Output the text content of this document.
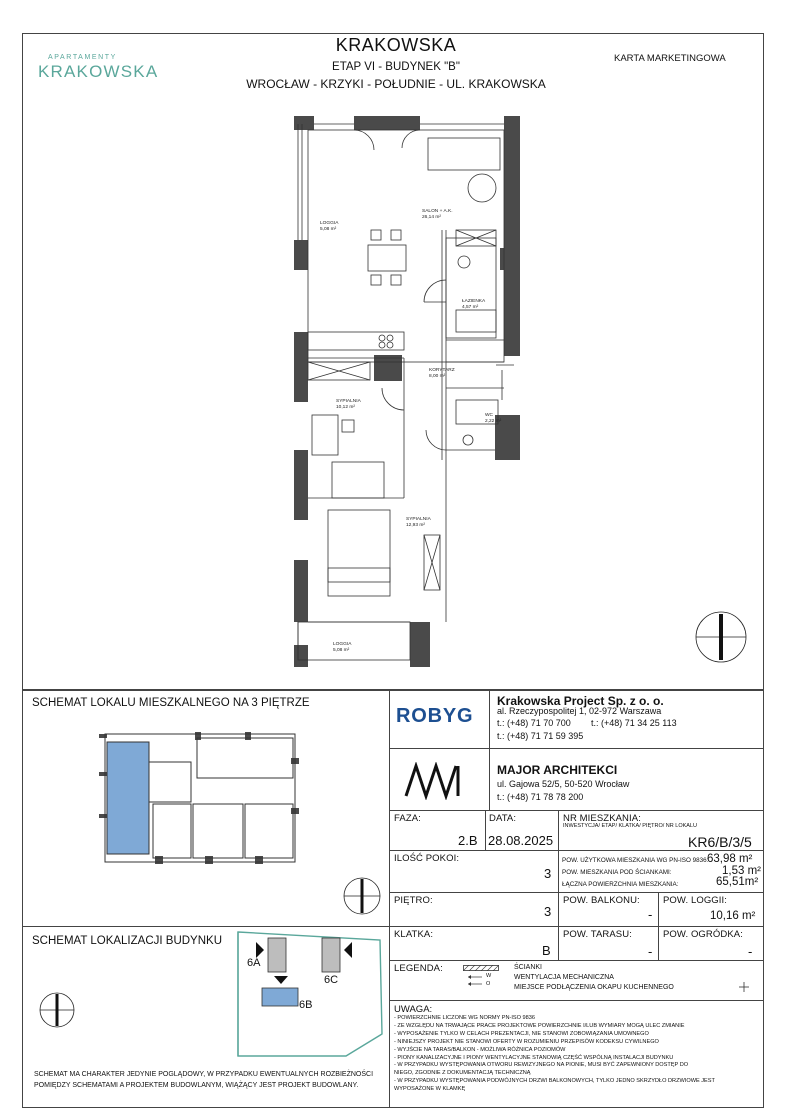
APARTAMENTY
KRAKOWSKA
KRAKOWSKA
ETAP VI - BUDYNEK "B"
WROCŁAW - KRZYKI - POŁUDNIE - UL. KRAKOWSKA
KARTA MARKETINGOWA
SALON + A.K.
26,14 m²
LOGGIA
5,08 m²
ŁAZIENKA
4,57 m²
KORYTARZ
8,00 m²
SYPIALNIA
10,12 m²
WC
2,22 m²
SYPIALNIA
12,93 m²
LOGGIA
5,08 m²
SCHEMAT LOKALU MIESZKALNEGO NA 3 PIĘTRZE
SCHEMAT LOKALIZACJI BUDYNKU
6A
6C
6B
SCHEMAT MA CHARAKTER JEDYNIE POGLĄDOWY, W PRZYPADKU EWENTUALNYCH ROZBIEŻNOŚCI
POMIĘDZY SCHEMATAMI A PROJEKTEM BUDOWLANYM, WIĄŻĄCY JEST PROJEKT BUDOWLANY.
ROBYG
Krakowska Project Sp. z o. o.
al. Rzeczypospolitej 1, 02-972 Warszawa
t.: (+48) 71 70 700 t.: (+48) 71 34 25 113
t.: (+48) 71 71 59 395
MAJOR ARCHITEKCI
ul. Gajowa 52/5, 50-520 Wrocław
t.: (+48) 71 78 78 200
FAZA:
2.B
DATA:
28.08.2025
NR MIESZKANIA:
INWESTYCJA/ ETAP/ KLATKA/ PIĘTRO/ NR LOKALU
KR6/B/3/5
ILOŚĆ POKOI:
3
POW. UŻYTKOWA MIESZKANIA WG PN-ISO 9836:
63,98 m²
POW. MIESZKANIA POD ŚCIANKAMI:	1,53 m²
ŁĄCZNA POWIERZCHNIA MIESZKANIA:	65,51m²
PIĘTRO:
3
POW. BALKONU:
-
POW. LOGGII:
10,16 m²
KLATKA:
B
POW. TARASU:
-
POW. OGRÓDKA:
-
LEGENDA:	ŚCIANKI
W
O
WENTYLACJA MECHANICZNA
MIEJSCE PODŁĄCZENIA OKAPU KUCHENNEGO
UWAGA:
- POWIERZCHNIE LICZONE WG NORMY PN-ISO 9836
- ZE WZGLĘDU NA TRWAJĄCE PRACE PROJEKTOWE POWIERZCHNIE I/LUB WYMIARY MOGĄ ULEC ZMIANIE
- WYPOSAŻENIE TYLKO W CELACH PREZENTACJI, NIE STANOWI ZOBOWIĄZANIA UMOWNEGO
- NINIEJSZY PROJEKT NIE STANOWI OFERTY W ROZUMIENIU PRZEPISÓW KODEKSU CYWILNEGO
- WYJŚCIE NA TARAS/BALKON - MOŻLIWA RÓŻNICA POZIOMÓW
- PIONY KANALIZACYJNE I PIONY WENTYLACYJNE STANOWIĄ CZĘŚĆ WSPÓLNĄ INSTALACJI BUDYNKU
- W PRZYPADKU WYSTĘPOWANIA OTWORU REWIZYJNEGO NA PIONIE, MUSI BYĆ ZAPEWNIONY DOSTĘP DO
NIEGO, ZGODNIE Z DOKUMENTACJĄ TECHNICZNĄ
- W PRZYPADKU WYSTĘPOWANIA PODWÓJNYCH DRZWI BALKONOWYCH, TYLKO JEDNO SKRZYDŁO DRZWIOWE JEST
WYPOSAŻONE W KLAMKĘ
